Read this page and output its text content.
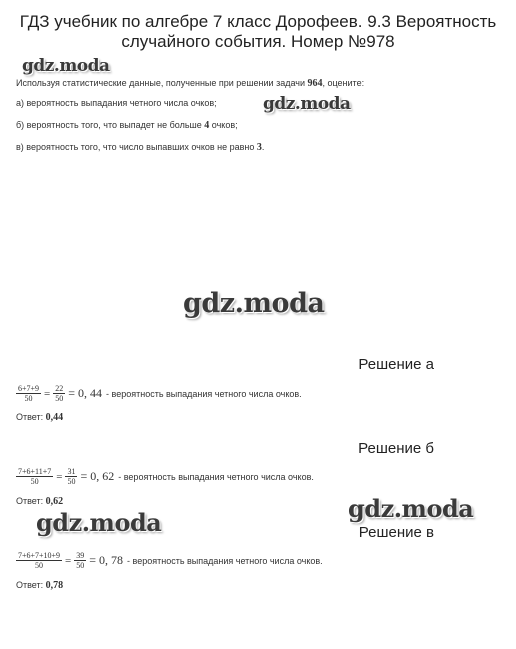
ГДЗ учебник по алгебре 7 класс Дорофеев. 9.3 Вероятность
случайного события. Номер №978
Используя статистические данные, полученные при решении задачи 964, оцените:
а) вероятность выпадания четного числа очков;
б) вероятность того, что выпадет не больше 4 очков;
в) вероятность того, что число выпавших очков не равно 3.
Решение а
$\frac{6+7+9}{50} = \frac{22}{50} = 0$, 44 - вероятность выпадания четного числа очков.
Ответ: 0,44
Решение б
$\frac{7+6+11+7}{50} = \frac{31}{50} = 0$, 62 - вероятность выпадания четного числа очков.
Ответ: 0,62
Решение в
$\frac{7+6+7+10+9}{50} = \frac{39}{50} = 0$, 78 - вероятность выпадания четного числа очков.
Ответ: 0,78
gdz.moda
gdz.moda
gdz.moda
gdz.moda	gdz.moda
